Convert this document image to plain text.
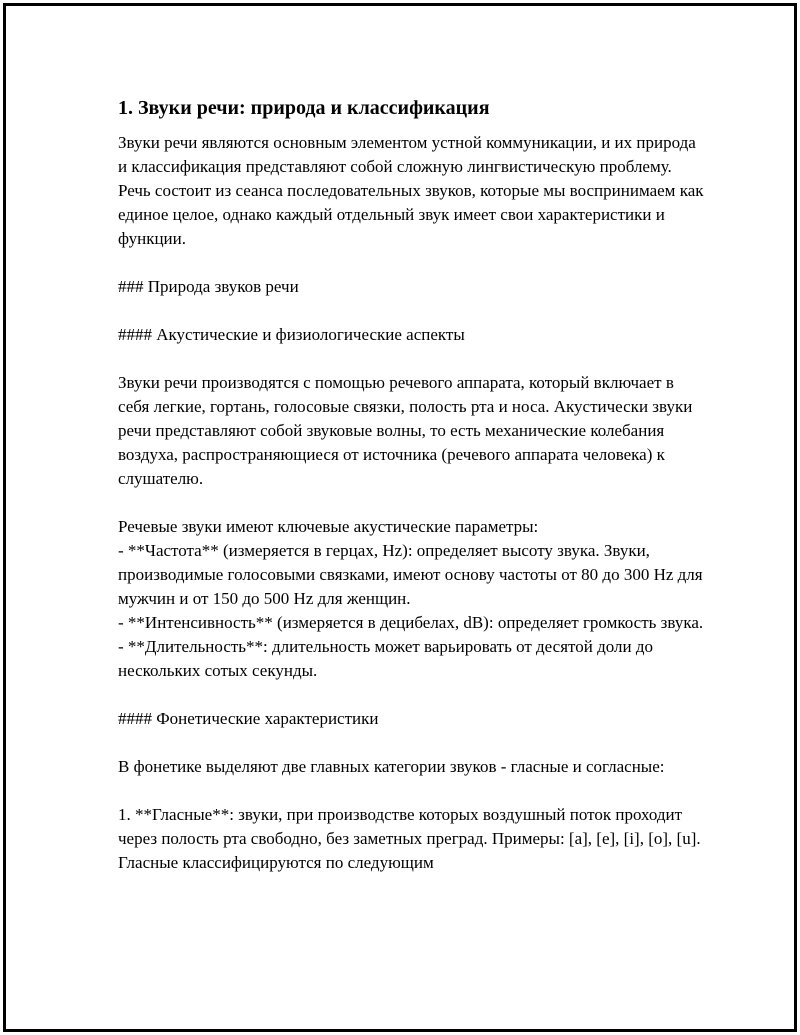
1. Звуки речи: природа и классификация
Звуки речи являются основным элементом устной коммуникации, и их природа и классификация представляют собой сложную лингвистическую проблему. Речь состоит из сеанса последовательных звуков, которые мы воспринимаем как единое целое, однако каждый отдельный звук имеет свои характеристики и функции.
### Природа звуков речи
#### Акустические и физиологические аспекты
Звуки речи производятся с помощью речевого аппарата, который включает в себя легкие, гортань, голосовые связки, полость рта и носа. Акустически звуки речи представляют собой звуковые волны, то есть механические колебания воздуха, распространяющиеся от источника (речевого аппарата человека) к слушателю.
Речевые звуки имеют ключевые акустические параметры:
- **Частота** (измеряется в герцах, Hz): определяет высоту звука. Звуки, производимые голосовыми связками, имеют основу частоты от 80 до 300 Hz для мужчин и от 150 до 500 Hz для женщин.
- **Интенсивность** (измеряется в децибелах, dB): определяет громкость звука.
- **Длительность**: длительность может варьировать от десятой доли до нескольких сотых секунды.
#### Фонетические характеристики
В фонетике выделяют две главных категории звуков - гласные и согласные:
1. **Гласные**: звуки, при производстве которых воздушный поток проходит через полость рта свободно, без заметных преград. Примеры: [a], [e], [i], [o], [u]. Гласные классифицируются по следующим
